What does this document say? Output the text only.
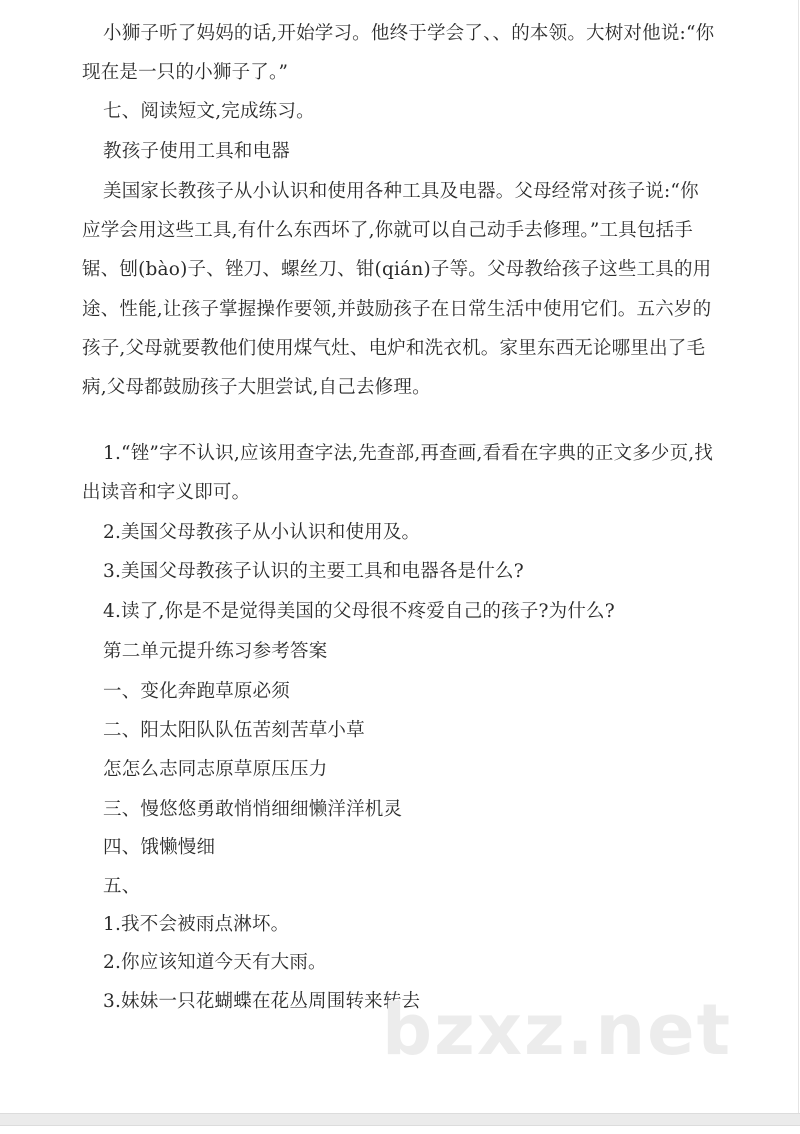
小狮子听了妈妈的话,开始学习。他终于学会了、、的本领。大树对他说:“你
现在是一只的小狮子了。”
七、阅读短文,完成练习。
教孩子使用工具和电器
美国家长教孩子从小认识和使用各种工具及电器。父母经常对孩子说:“你
应学会用这些工具,有什么东西坏了,你就可以自己动手去修理。”工具包括手
锯、刨(bào)子、锉刀、螺丝刀、钳(qián)子等。父母教给孩子这些工具的用
途、性能,让孩子掌握操作要领,并鼓励孩子在日常生活中使用它们。五六岁的
孩子,父母就要教他们使用煤气灶、电炉和洗衣机。家里东西无论哪里出了毛
病,父母都鼓励孩子大胆尝试,自己去修理。
1.“锉”字不认识,应该用查字法,先查部,再查画,看看在字典的正文多少页,找
出读音和字义即可。
2.美国父母教孩子从小认识和使用及。
3.美国父母教孩子认识的主要工具和电器各是什么?
4.读了,你是不是觉得美国的父母很不疼爱自己的孩子?为什么?
第二单元提升练习参考答案
一、变化奔跑草原必须
二、阳太阳队队伍苦刻苦草小草
怎怎么志同志原草原压压力
三、慢悠悠勇敢悄悄细细懒洋洋机灵
四、饿懒慢细
五、
1.我不会被雨点淋坏。
2.你应该知道今天有大雨。
3.妹妹一只花蝴蝶在花丛周围转来转去
bzxz.net
